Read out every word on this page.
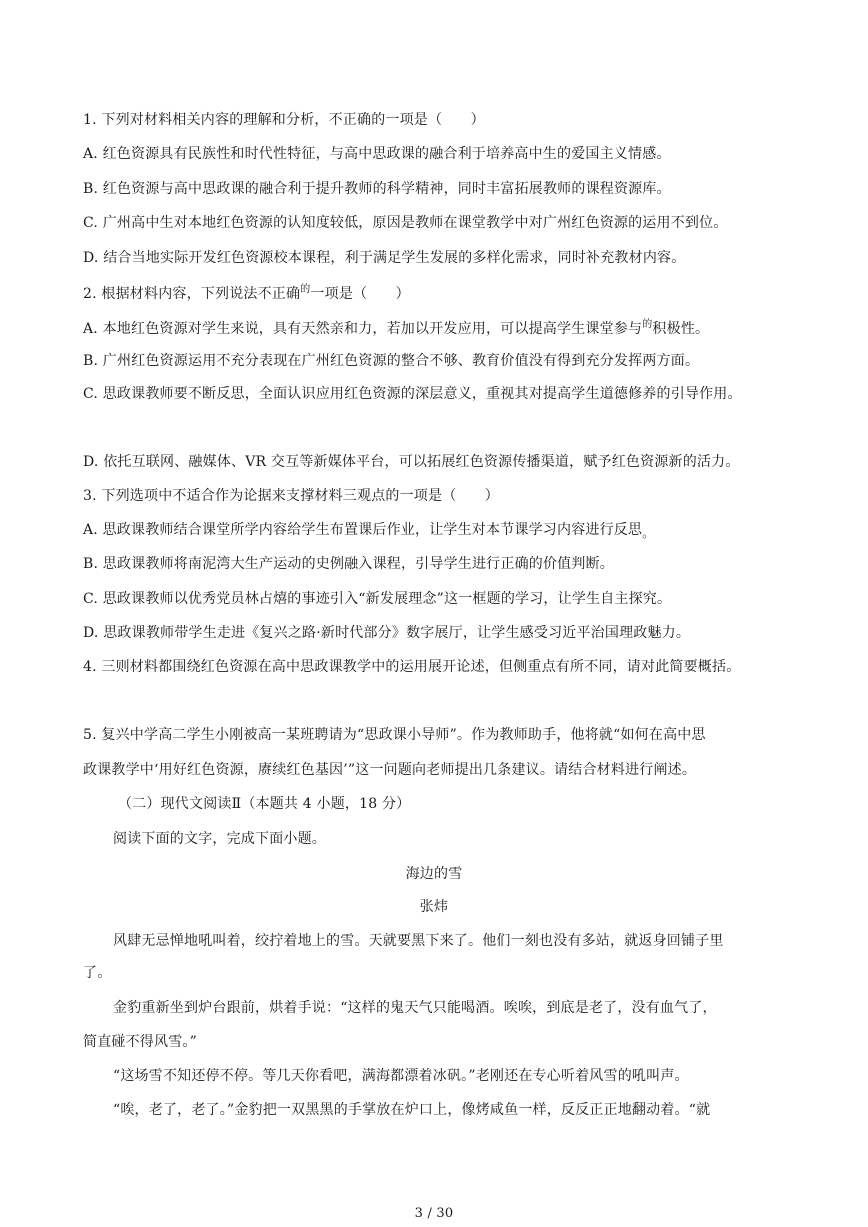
1. 下列对材料相关内容的理解和分析，不正确的一项是（　　）
A. 红色资源具有民族性和时代性特征，与高中思政课的融合利于培养高中生的爱国主义情感。
B. 红色资源与高中思政课的融合利于提升教师的科学精神，同时丰富拓展教师的课程资源库。
C. 广州高中生对本地红色资源的认知度较低，原因是教师在课堂教学中对广州红色资源的运用不到位。
D. 结合当地实际开发红色资源校本课程，利于满足学生发展的多样化需求，同时补充教材内容。
2. 根据材料内容，下列说法不正确$^的$一项是（　　）
A. 本地红色资源对学生来说，具有天然亲和力，若加以开发应用，可以提高学生课堂参与$^的$积极性。
B. 广州红色资源运用不充分表现在广州红色资源的整合不够、教育价值没有得到充分发挥两方面。
C. 思政课教师要不断反思，全面认识应用红色资源的深层意义，重视其对提高学生道德修养的引导作用。
D. 依托互联网、融媒体、VR 交互等新媒体平台，可以拓展红色资源传播渠道，赋予红色资源新的活力。
3. 下列选项中不适合作为论据来支撑材料三观点的一项是（　　）
A. 思政课教师结合课堂所学内容给学生布置课后作业，让学生对本节课学习内容进行反思。
B. 思政课教师将南泥湾大生产运动的史例融入课程，引导学生进行正确的价值判断。
C. 思政课教师以优秀党员林占熺的事迹引入“新发展理念”这一框题的学习，让学生自主探究。
D. 思政课教师带学生走进《复兴之路·新时代部分》数字展厅，让学生感受习近平治国理政魅力。
4. 三则材料都围绕红色资源在高中思政课教学中的运用展开论述，但侧重点有所不同，请对此简要概括。
5. 复兴中学高二学生小刚被高一某班聘请为“思政课小导师”。作为教师助手，他将就“如何在高中思
政课教学中‘用好红色资源，赓续红色基因’”这一问题向老师提出几条建议。请结合材料进行阐述。
（二）现代文阅读Ⅱ（本题共 4 小题，18 分）
阅读下面的文字，完成下面小题。
海边的雪
张炜
风肆无忌惮地吼叫着，绞拧着地上的雪。天就要黑下来了。他们一刻也没有多站，就返身回铺子里
了。
金豹重新坐到炉台跟前，烘着手说：“这样的鬼天气只能喝酒。唉唉，到底是老了，没有血气了，
简直碰不得风雪。”
“这场雪不知还停不停。等几天你看吧，满海都漂着冰矾。”老刚还在专心听着风雪的吼叫声。
“唉，老了，老了。”金豹把一双黑黑的手掌放在炉口上，像烤咸鱼一样，反反正正地翻动着。“就
3 / 30
